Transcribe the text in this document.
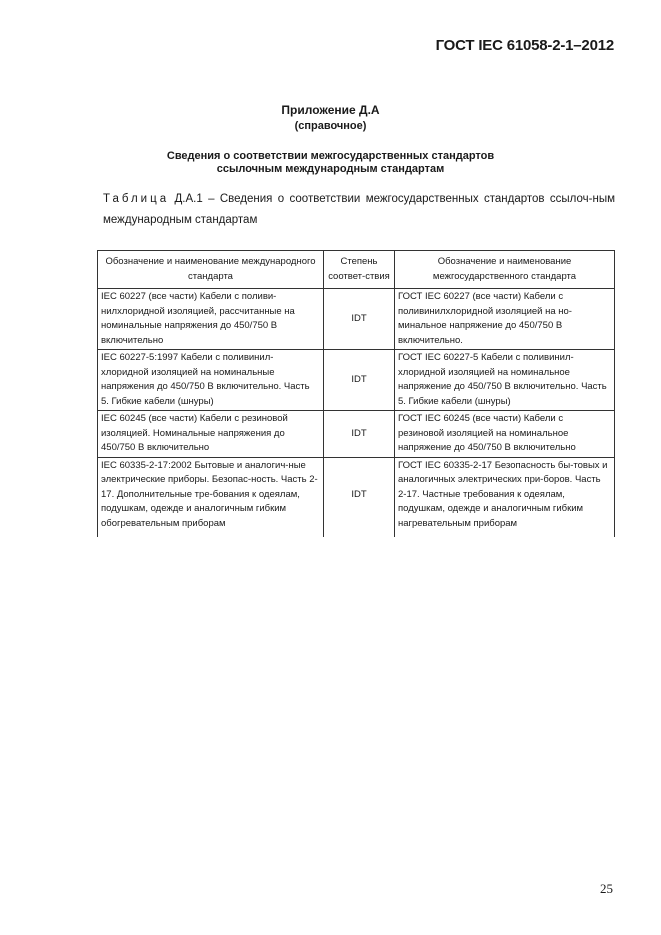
ГОСТ IEC 61058-2-1–2012
Приложение Д.А
(справочное)
Сведения о соответствии межгосударственных стандартов
ссылочным международным стандартам
Таблица Д.А.1 – Сведения о соответствии межгосударственных стандартов ссылоч-ным международным стандартам
Обозначение и наименование международного стандарта	Степень соответ-ствия	Обозначение и наименование межгосударственного стандарта
IEC 60227 (все части) Кабели с поливи-нилхлоридной изоляцией, рассчитанные на номинальные напряжения до 450/750 В включительно	IDT	ГОСТ IEC 60227 (все части) Кабели с поливинилхлоридной изоляцией на но-минальное напряжение до 450/750 В включительно.
IEC 60227-5:1997 Кабели с поливинил-хлоридной изоляцией на номинальные напряжения до 450/750 В включительно. Часть 5. Гибкие кабели (шнуры)	IDT	ГОСТ IEC 60227-5 Кабели с поливинил-хлоридной изоляцией на номинальное напряжение до 450/750 В включительно. Часть 5. Гибкие кабели (шнуры)
IEC 60245 (все части) Кабели с резиновой изоляцией. Номинальные напряжения до 450/750 В включительно	IDT	ГОСТ IEC 60245 (все части) Кабели с резиновой изоляцией на номинальное напряжение до 450/750 В включительно
IEC 60335-2-17:2002 Бытовые и аналогич-ные электрические приборы. Безопас-ность. Часть 2-17. Дополнительные тре-бования к одеялам, подушкам, одежде и аналогичным гибким обогревательным приборам	IDT	ГОСТ IEC 60335-2-17 Безопасность бы-товых и аналогичных электрических при-боров. Часть 2-17. Частные требования к одеялам, подушкам, одежде и аналогичным гибким нагревательным приборам
25
